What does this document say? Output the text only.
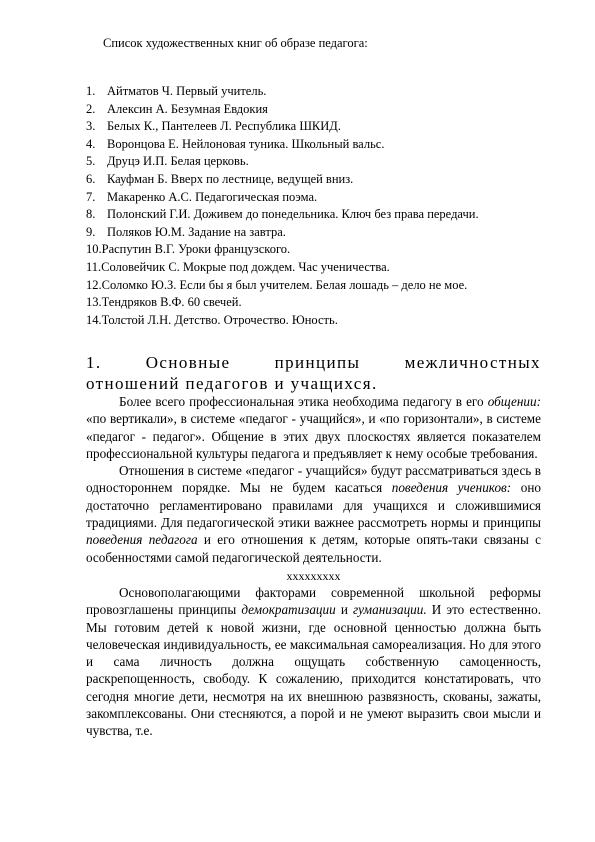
Список художественных книг об образе педагога:
1. Айтматов Ч. Первый учитель.
2. Алексин А. Безумная Евдокия
3. Белых К., Пантелеев Л. Республика ШКИД.
4. Воронцова Е. Нейлоновая туника. Школьный вальс.
5. Друцэ И.П. Белая церковь.
6. Кауфман Б. Вверх по лестнице, ведущей вниз.
7. Макаренко А.С. Педагогическая поэма.
8. Полонский Г.И. Доживем до понедельника. Ключ без права передачи.
9. Поляков Ю.М. Задание на завтра.
10.Распутин В.Г. Уроки французского.
11.Соловейчик С. Мокрые под дождем. Час ученичества.
12.Соломко Ю.З. Если бы я был учителем. Белая лошадь – дело не мое.
13.Тендряков В.Ф. 60 свечей.
14.Толстой Л.Н. Детство. Отрочество. Юность.
1.	Основные	принципы	межличностных
отношений педагогов и учащихся.

Более всего профессиональная этика необходима педагогу в его общении: «по вертикали», в системе «педагог - учащийся», и «по горизонтали», в системе «педагог - педагог». Общение в этих двух плоскостях является показателем профессиональной культуры педагога и предъявляет к нему особые требования.

Отношения в системе «педагог - учащийся» будут рассматриваться здесь в одностороннем порядке. Мы не будем касаться поведения учеников: оно достаточно регламентировано правилами для учащихся и сложившимися традициями. Для педагогической этики важнее рассмотреть нормы и принципы поведения педагога и его отношения к детям, которые опять-таки связаны с особенностями самой педагогической деятельности.

xxxxxxxxx

Основополагающими факторами современной школьной реформы провозглашены принципы демократизации и гуманизации. И это естественно. Мы готовим детей к новой жизни, где основной ценностью должна быть человеческая индивидуальность, ее максимальная самореализация. Но для этого и сама личность должна ощущать собственную самоценность, раскрепощенность, свободу. К сожалению, приходится констатировать, что сегодня многие дети, несмотря на их внешнюю развязность, скованы, зажаты, закомплексованы. Они стесняются, а порой и не умеют выразить свои мысли и чувства, т.е.
